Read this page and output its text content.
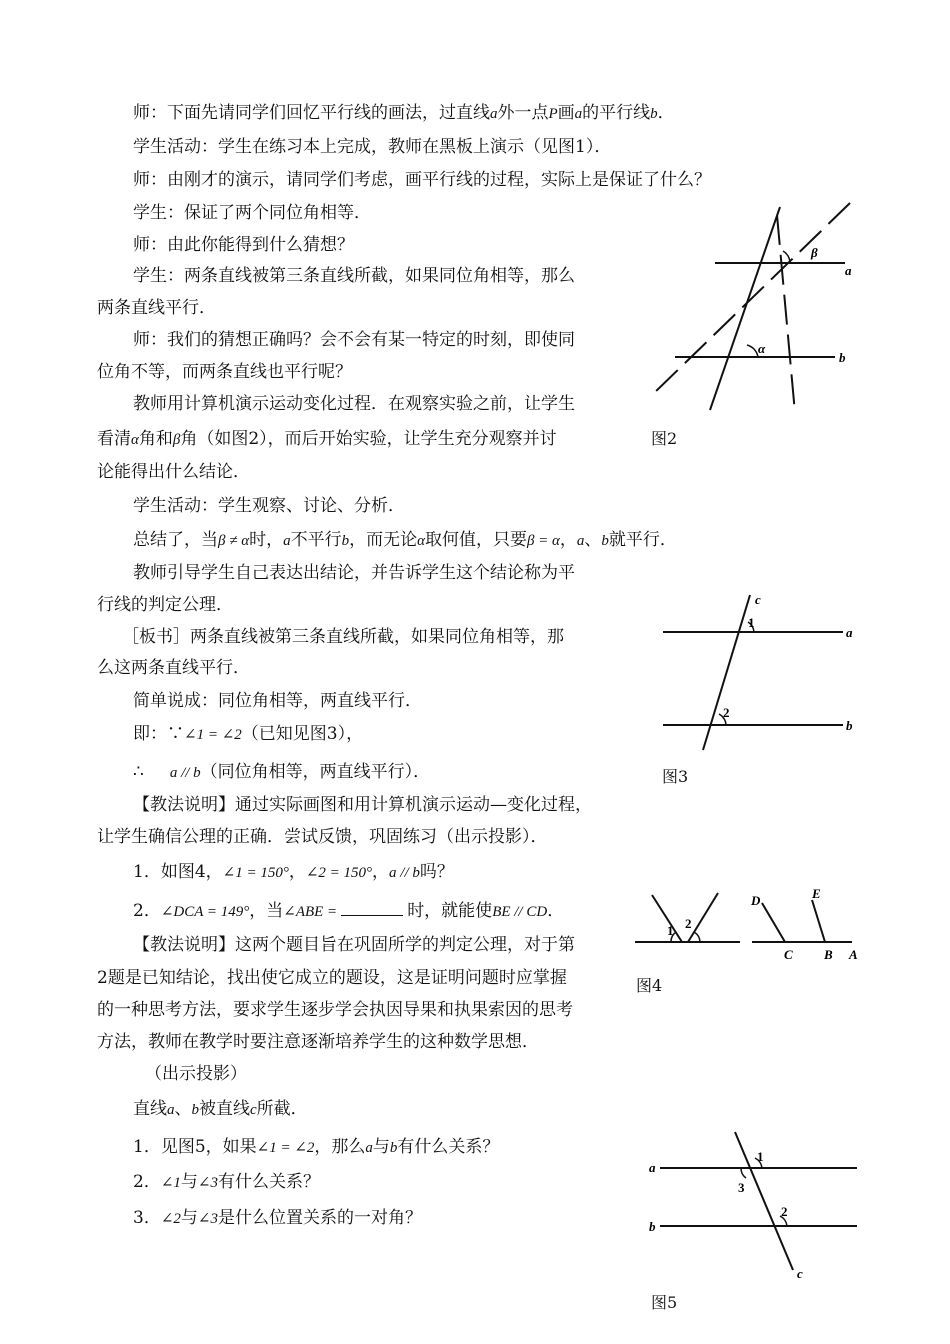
师：下面先请同学们回忆平行线的画法，过直线a外一点P画a的平行线b．
学生活动：学生在练习本上完成，教师在黑板上演示（见图1）．
师：由刚才的演示，请同学们考虑，画平行线的过程，实际上是保证了什么？
学生：保证了两个同位角相等．
师：由此你能得到什么猜想？
学生：两条直线被第三条直线所截，如果同位角相等，那么
两条直线平行．
师：我们的猜想正确吗？会不会有某一特定的时刻，即使同
位角不等，而两条直线也平行呢？
教师用计算机演示运动变化过程．在观察实验之前，让学生
看清α角和β角（如图2），而后开始实验，让学生充分观察并讨
论能得出什么结论．
学生活动：学生观察、讨论、分析．
总结了，当β ≠ α时，a不平行b，而无论α取何值，只要β = α，a、b就平行．
教师引导学生自己表达出结论，并告诉学生这个结论称为平
行线的判定公理．
［板书］两条直线被第三条直线所截，如果同位角相等，那
么这两条直线平行．
简单说成：同位角相等，两直线平行．
即：∵∠1 = ∠2（已知见图3），
∴ a // b（同位角相等，两直线平行）．
【教法说明】通过实际画图和用计算机演示运动—变化过程，
让学生确信公理的正确．尝试反馈，巩固练习（出示投影）．
1．如图4，∠1 = 150°，∠2 = 150°，a // b吗？
2．∠DCA = 149°，当∠ABE =	时，就能使BE // CD．
【教法说明】这两个题目旨在巩固所学的判定公理，对于第
2题是已知结论，找出使它成立的题设，这是证明问题时应掌握
的一种思考方法，要求学生逐步学会执因导果和执果索因的思考
方法，教师在教学时要注意逐渐培养学生的这种数学思想．
（出示投影）
直线a、b被直线c所截．
1．见图5，如果∠1 = ∠2，那么a与b有什么关系？
2．∠1与∠3有什么关系？
3．∠2与∠3是什么位置关系的一对角？
β
α
a
b
图2
c
1
2
a
b
图3
1 2
D	E
C B A
图4
a
b
c
1
2
3
图5
